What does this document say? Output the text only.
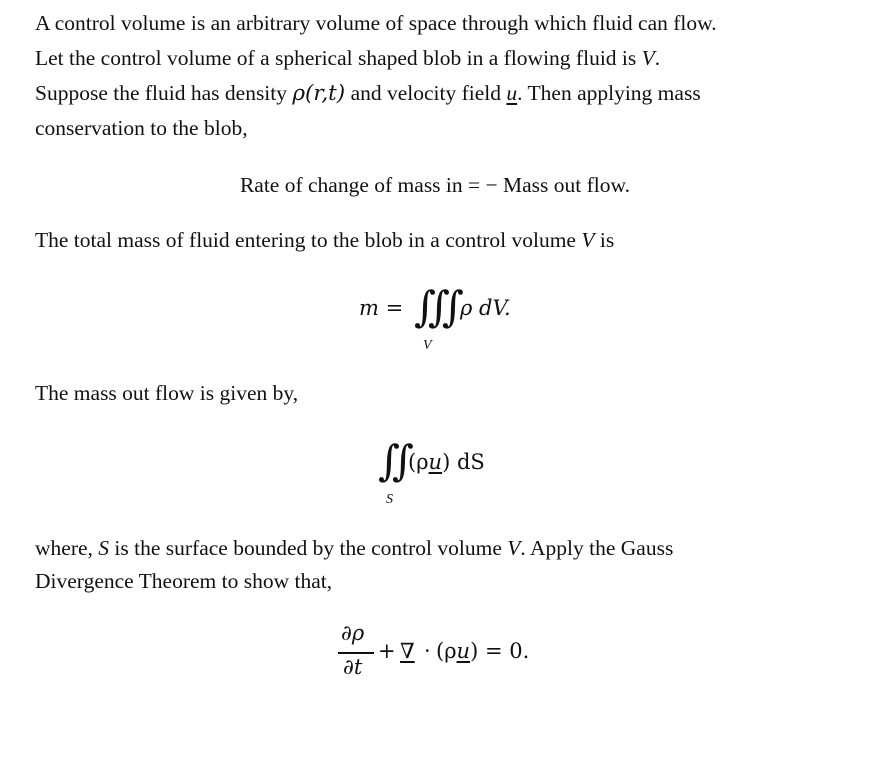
A control volume is an arbitrary volume of space through which fluid can flow.

Let the control volume of a spherical shaped blob in a flowing fluid is V.

Suppose the fluid has density ρ(r,t) and velocity field u. Then applying mass

conservation to the blob,

Rate of change of mass in = − Mass out flow.

The total mass of fluid entering to the blob in a control volume V is

m = ∭
V
ρ dV.

The mass out flow is given by,

∬
S
(ρu) dS

where, S is the surface bounded by the control volume V. Apply the Gauss

Divergence Theorem to show that,

∂ρ
∂t
+ ∇ · (ρu) = 0.
